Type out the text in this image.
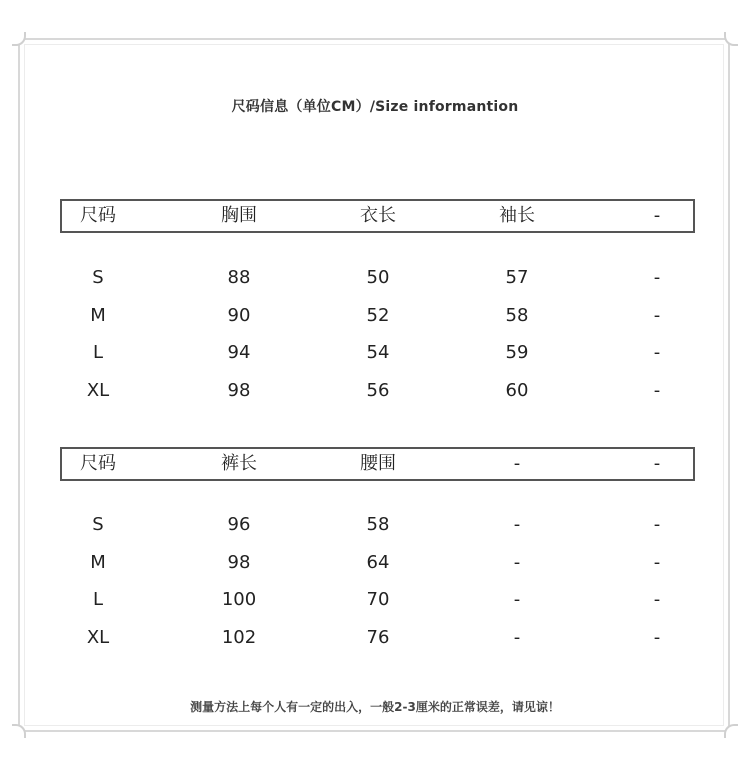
尺码信息（单位CM）/Size informantion
尺码	胸围	衣长	袖长	-
S	88	50	57	-
M	90	52	58	-
L	94	54	59	-
XL	98	56	60	-
尺码	裤长	腰围	-	-
S	96	58	-	-
M	98	64	-	-
L	100	70	-	-
XL	102	76	-	-
测量方法上每个人有一定的出入，一般2-3厘米的正常误差，请见谅！
